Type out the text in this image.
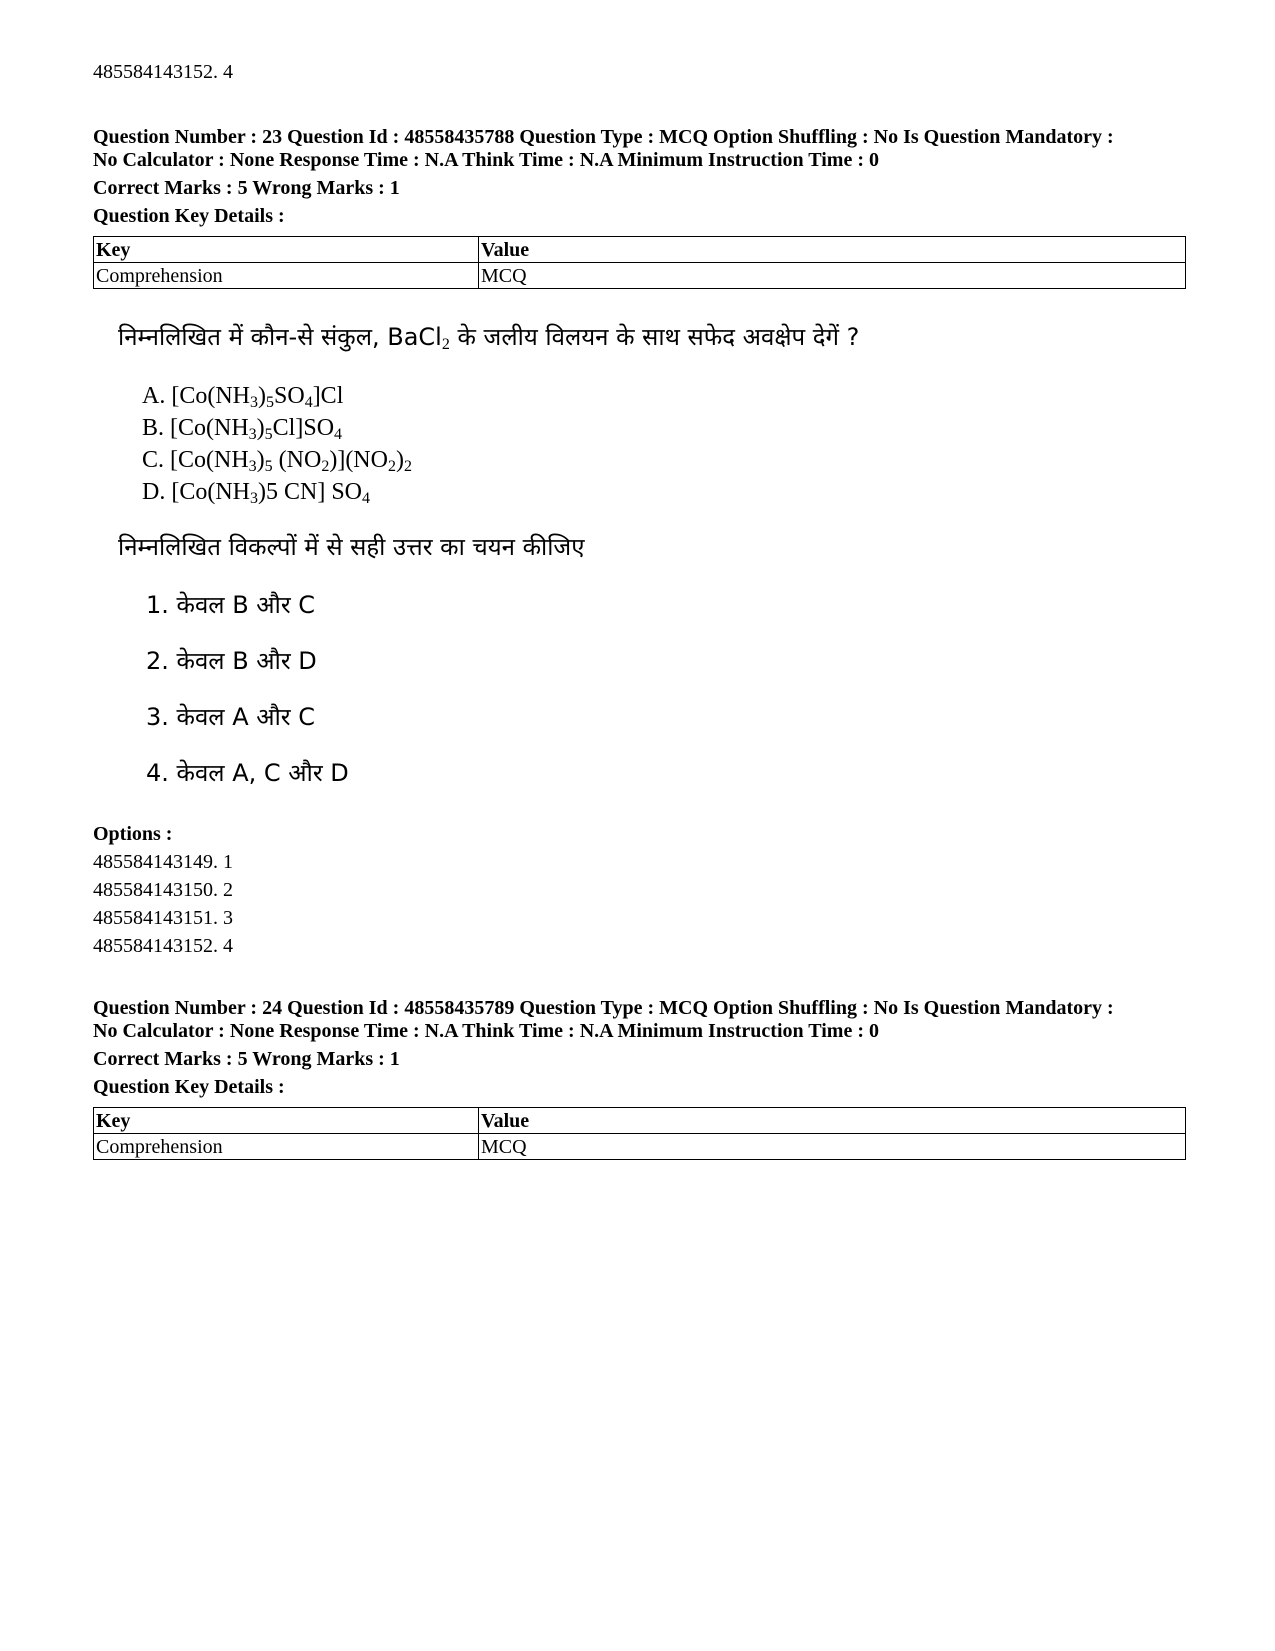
485584143152. 4
Question Number : 23 Question Id : 48558435788 Question Type : MCQ Option Shuffling : No Is Question Mandatory :
No Calculator : None Response Time : N.A Think Time : N.A Minimum Instruction Time : 0
Correct Marks : 5 Wrong Marks : 1
Question Key Details :
Key	Value
Comprehension	MCQ
निम्नलिखित में कौन-से संकुल, BaCl$_2$ के जलीय विलयन के साथ सफेद अवक्षेप देगें ?
A. $[Co(NH_3)_5SO_4]Cl$
B. $[Co(NH_3)_5Cl]SO_4$
C. [$Co(NH_3)_5$ $(NO_2)](NO_2)_2$
D. [$Co(NH_3)5$ CN] $SO_4$
निम्नलिखित विकल्पों में से सही उत्तर का चयन कीजिए
1. केवल B और C
2. केवल B और D
3. केवल A और C
4. केवल A, C और D
Options :
485584143149. 1
485584143150. 2
485584143151. 3
485584143152. 4
Question Number : 24 Question Id : 48558435789 Question Type : MCQ Option Shuffling : No Is Question Mandatory :
No Calculator : None Response Time : N.A Think Time : N.A Minimum Instruction Time : 0
Correct Marks : 5 Wrong Marks : 1
Question Key Details :
Key	Value
Comprehension	MCQ
